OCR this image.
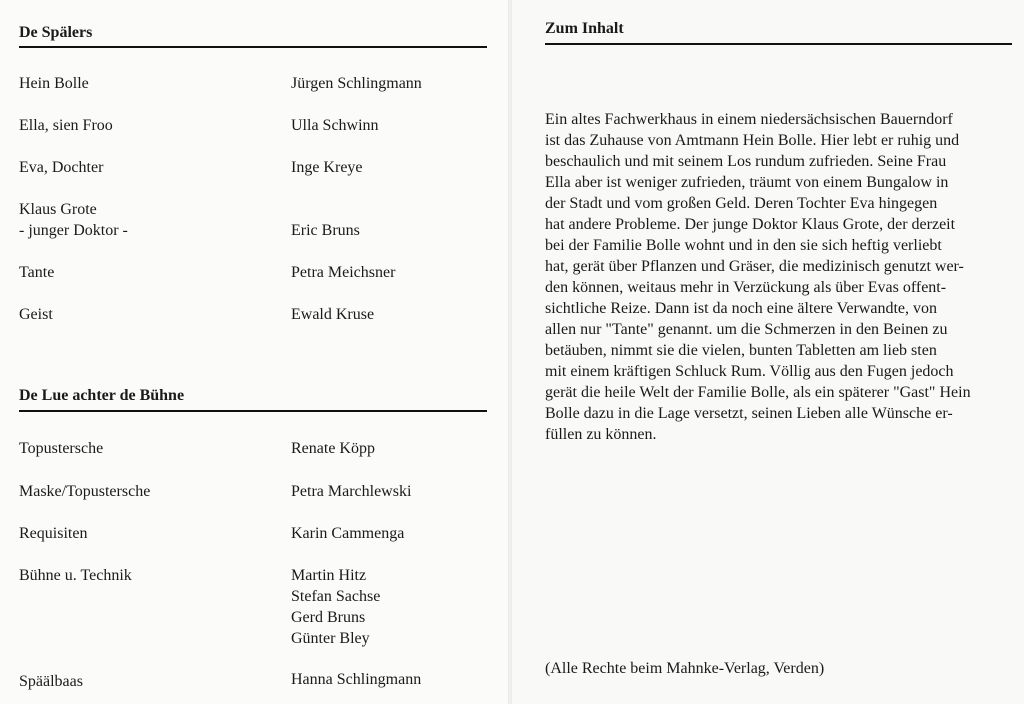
De Spälers
Hein Bolle	Jürgen Schlingmann
Ella, sien Froo	Ulla Schwinn
Eva, Dochter	Inge Kreye
Klaus Grote
- junger Doktor -	Eric Bruns
Tante	Petra Meichsner
Geist	Ewald Kruse
De Lue achter de Bühne
Topustersche	Renate Köpp
Maske/Topustersche	Petra Marchlewski
Requisiten	Karin Cammenga
Bühne u. Technik	Martin Hitz
Stefan Sachse
Gerd Bruns
Günter Bley
Späälbaas	Hanna Schlingmann
Zum Inhalt
Ein altes Fachwerkhaus in einem niedersächsischen Bauerndorf
ist das Zuhause von Amtmann Hein Bolle. Hier lebt er ruhig und
beschaulich und mit seinem Los rundum zufrieden. Seine Frau
Ella aber ist weniger zufrieden, träumt von einem Bungalow in
der Stadt und vom großen Geld. Deren Tochter Eva hingegen
hat andere Probleme. Der junge Doktor Klaus Grote, der derzeit
bei der Familie Bolle wohnt und in den sie sich heftig verliebt
hat, gerät über Pflanzen und Gräser, die medizinisch genutzt wer-
den können, weitaus mehr in Verzückung als über Evas offent-
sichtliche Reize. Dann ist da noch eine ältere Verwandte, von
allen nur "Tante" genannt. um die Schmerzen in den Beinen zu
betäuben, nimmt sie die vielen, bunten Tabletten am lieb sten
mit einem kräftigen Schluck Rum. Völlig aus den Fugen jedoch
gerät die heile Welt der Familie Bolle, als ein späterer "Gast" Hein
Bolle dazu in die Lage versetzt, seinen Lieben alle Wünsche er-
füllen zu können.
(Alle Rechte beim Mahnke-Verlag, Verden)
